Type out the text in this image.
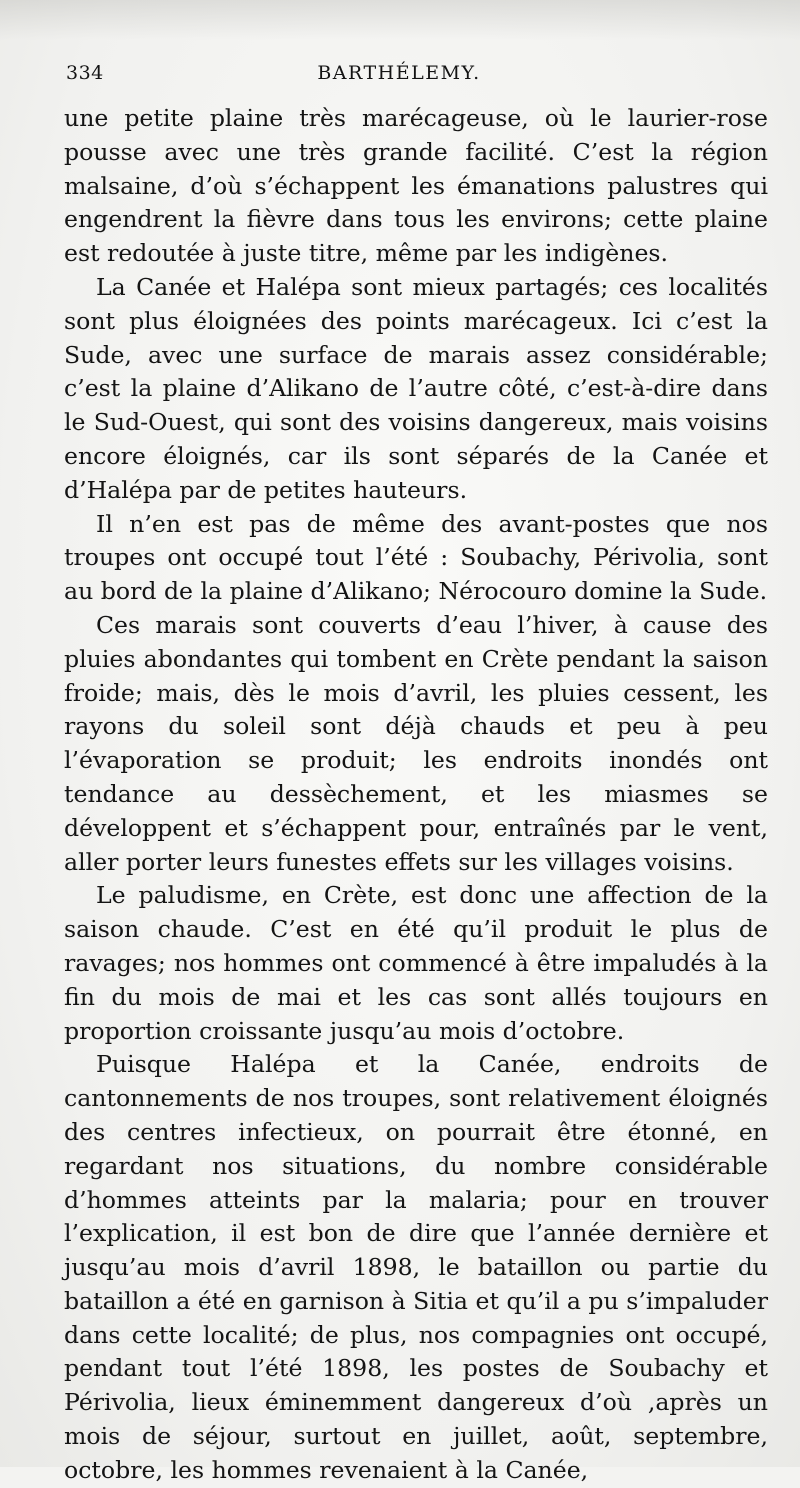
334	BARTHÉLEMY.

une petite plaine très marécageuse, où le laurier-rose pousse avec une très grande facilité. C’est la région malsaine, d’où s’échappent les émanations palustres qui engendrent la fièvre dans tous les environs; cette plaine est redoutée à juste titre, même par les indigènes.

La Canée et Halépa sont mieux partagés; ces localités sont plus éloignées des points marécageux. Ici c’est la Sude, avec une surface de marais assez considérable; c’est la plaine d’Alikano de l’autre côté, c’est-à-dire dans le Sud-Ouest, qui sont des voisins dangereux, mais voisins encore éloignés, car ils sont séparés de la Canée et d’Halépa par de petites hauteurs.

Il n’en est pas de même des avant-postes que nos troupes ont occupé tout l’été : Soubachy, Périvolia, sont au bord de la plaine d’Alikano; Nérocouro domine la Sude.

Ces marais sont couverts d’eau l’hiver, à cause des pluies abondantes qui tombent en Crète pendant la saison froide; mais, dès le mois d’avril, les pluies cessent, les rayons du soleil sont déjà chauds et peu à peu l’évaporation se produit; les endroits inondés ont tendance au dessèchement, et les miasmes se développent et s’échappent pour, entraînés par le vent, aller porter leurs funestes effets sur les villages voisins.

Le paludisme, en Crète, est donc une affection de la saison chaude. C’est en été qu’il produit le plus de ravages; nos hommes ont commencé à être impaludés à la fin du mois de mai et les cas sont allés toujours en proportion croissante jusqu’au mois d’octobre.

Puisque Halépa et la Canée, endroits de cantonnements de nos troupes, sont relativement éloignés des centres infectieux, on pourrait être étonné, en regardant nos situations, du nombre considérable d’hommes atteints par la malaria; pour en trouver l’explication, il est bon de dire que l’année dernière et jusqu’au mois d’avril 1898, le bataillon ou partie du bataillon a été en garnison à Sitia et qu’il a pu s’impaluder dans cette localité; de plus, nos compagnies ont occupé, pendant tout l’été 1898, les postes de Soubachy et Périvolia, lieux éminemment dangereux d’où ,après un mois de séjour, surtout en juillet, août, septembre, octobre, les hommes revenaient à la Canée,
